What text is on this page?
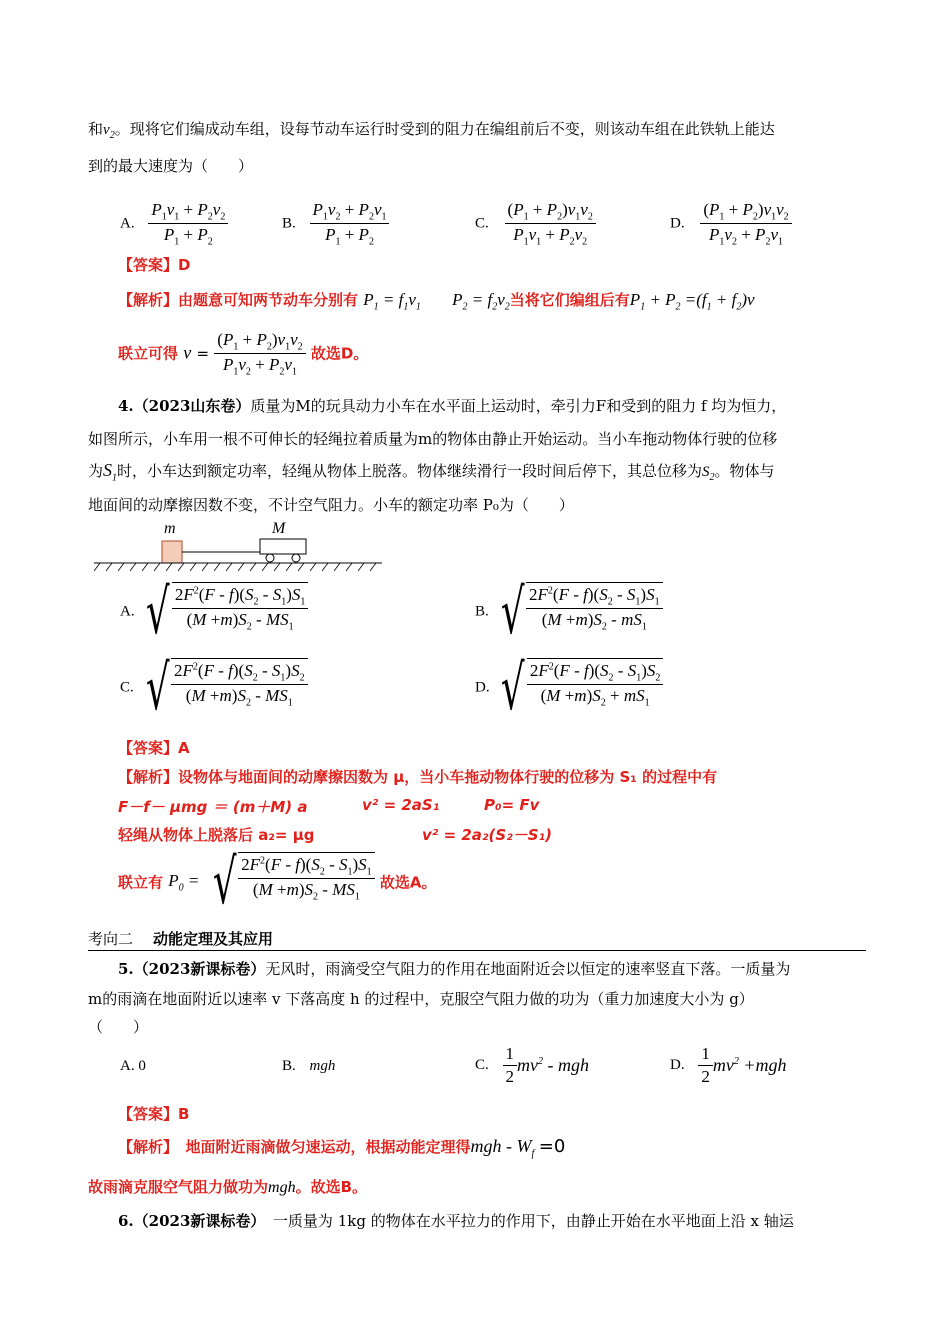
和$v_2$。现将它们编成动车组，设每节动车运行时受到的阻力在编组前后不变，则该动车组在此铁轨上能达
到的最大速度为（　　）
A. $\frac{P_1v_1 + P_2v_2}{P_1 + P_2}$	B. $\frac{P_1v_2 + P_2v_1}{P_1 + P_2}$	C. $\frac{(P_1 + P_2)v_1v_2}{P_1v_1 + P_2v_2}$	D. $\frac{(P_1 + P_2)v_1v_2}{P_1v_2 + P_2v_1}$
【答案】D
【解析】由题意可知两节动车分别有 $P_1 = f_1v_1$ $P_2 = f_2v_2$当将它们编组后有$P_1 + P_2 =(f_1 + f_2)v$
联立可得 $v = \frac{(P_1 + P_2)v_1v_2}{P_1v_2 + P_2v_1}$ 故选D。
4.（2023山东卷）质量为M的玩具动力小车在水平面上运动时，牵引力F和受到的阻力 f 均为恒力，
如图所示，小车用一根不可伸长的轻绳拉着质量为m的物体由静止开始运动。当小车拖动物体行驶的位移
为$S_1$时，小车达到额定功率，轻绳从物体上脱落。物体继续滑行一段时间后停下，其总位移为$S_2$。物体与
地面间的动摩擦因数不变，不计空气阻力。小车的额定功率 P₀为（　　）
m	M
A. √ $\frac{2F^2(F - f)(S_2 - S_1)S_1}{(M +m)S_2 - MS_1}$	B. √ $\frac{2F^2(F - f)(S_2 - S_1)S_1}{(M +m)S_2 - mS_1}$
C. √ $\frac{2F^2(F - f)(S_2 - S_1)S_2}{(M +m)S_2 - MS_1}$	D. √ $\frac{2F^2(F - f)(S_2 - S_1)S_2}{(M +m)S_2 + mS_1}$
【答案】A
【解析】设物体与地面间的动摩擦因数为 μ，当小车拖动物体行驶的位移为 S₁ 的过程中有
F－f－ μmg ＝ (m＋M) a	v² = 2aS₁	P₀= Fv
轻绳从物体上脱落后 a₂= μg	v² = 2a₂(S₂－S₁)
联立有 $P_0$ = √ $\frac{2F^2(F - f)(S_2 - S_1)S_1}{(M +m)S_2 - MS_1}$ 故选A。
考向二 动能定理及其应用
5.（2023新课标卷）无风时，雨滴受空气阻力的作用在地面附近会以恒定的速率竖直下落。一质量为
m的雨滴在地面附近以速率 v 下落高度 h 的过程中，克服空气阻力做的功为（重力加速度大小为 g）
（　　）
A. 0	B. mgh	C. $\frac{1}{2} mv^2$ - mgh	D. $\frac{1}{2} mv^2 +mgh$
【答案】B
【解析】　地面附近雨滴做匀速运动，根据动能定理得mgh - $W_f =0$
故雨滴克服空气阻力做功为mgh。故选B。
6.（2023新课标卷）　一质量为 1kg 的物体在水平拉力的作用下，由静止开始在水平地面上沿 x 轴运
